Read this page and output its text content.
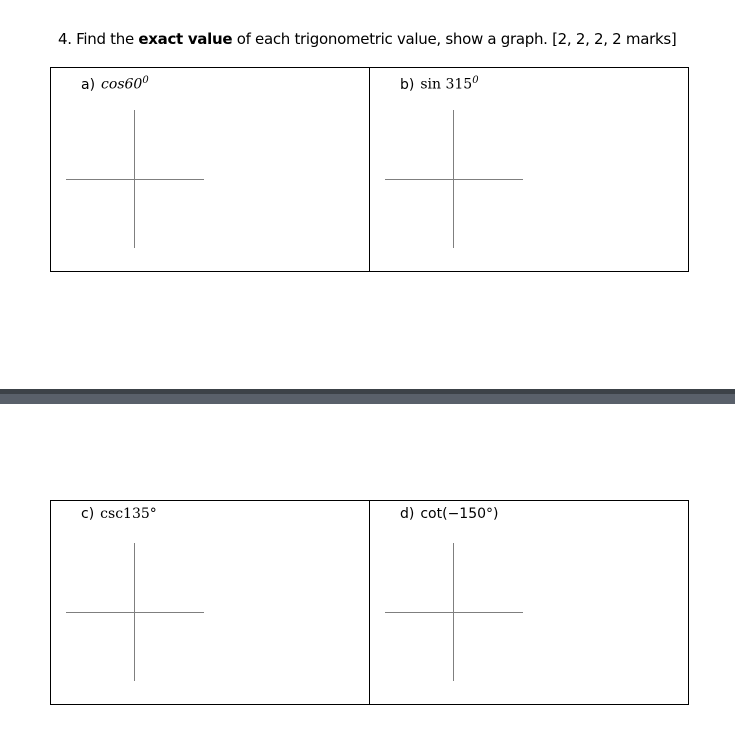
4. Find the exact value of each trigonometric value, show a graph. [2, 2, 2, 2 marks]
a) $\cos 60^0$	b) $\sin 315^0$
c) csc135°	d) cot(−150°)
